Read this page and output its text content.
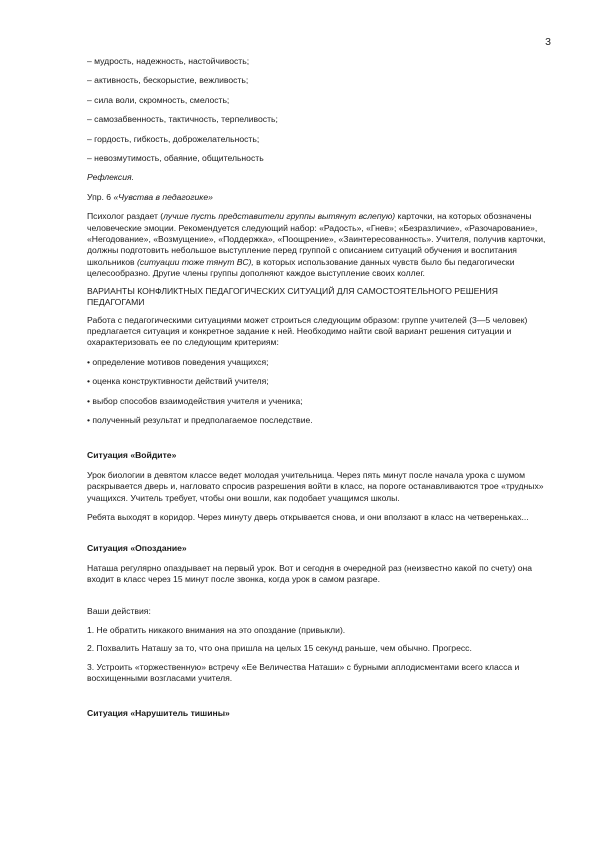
3

– мудрость, надежность, настойчивость;

– активность, бескорыстие, вежливость;

– сила воли, скромность, смелость;

– самозабвенность, тактичность, терпеливость;

– гордость, гибкость, доброжелательность;

– невозмутимость, обаяние, общительность

Рефлексия.

Упр. 6 «Чувства в педагогике»

Психолог раздает (лучше пусть представители группы вытянут вслепую) карточки, на которых обозначены человеческие эмоции. Рекомендуется следующий набор: «Радость», «Гнев»; «Безразличие», «Разочарование», «Негодование», «Возмущение», «Поддержка», «Поощрение», «Заинтересованность». Учителя, получив карточки, должны подготовить небольшое выступление перед группой с описанием ситуаций обучения и воспитания школьников (ситуации тоже тянут ВС), в которых использование данных чувств было бы педагогически целесообразно. Другие члены группы дополняют каждое выступление своих коллег.

ВАРИАНТЫ КОНФЛИКТНЫХ ПЕДАГОГИЧЕСКИХ СИТУАЦИЙ ДЛЯ САМОСТОЯТЕЛЬНОГО РЕШЕНИЯ ПЕДАГОГАМИ

Работа с педагогическими ситуациями может строиться следующим образом: группе учителей (3—5 человек) предлагается ситуация и конкретное задание к ней. Необходимо найти свой вариант решения ситуации и охарактеризовать ее по следующим критериям:

• определение мотивов поведения учащихся;

• оценка конструктивности действий учителя;

• выбор способов взаимодействия учителя и ученика;

• полученный результат и предполагаемое последствие.

Ситуация «Войдите»

Урок биологии в девятом классе ведет молодая учительница. Через пять минут после начала урока с шумом раскрывается дверь и, нагловато спросив разрешения войти в класс, на пороге останавливаются трое «трудных» учащихся. Учитель требует, чтобы они вошли, как подобает учащимся школы.

Ребята выходят в коридор. Через минуту дверь открывается снова, и они вползают в класс на четвереньках...

Ситуация «Опоздание»

Наташа регулярно опаздывает на первый урок. Вот и сегодня в очередной раз (неизвестно какой по счету) она входит в класс через 15 минут после звонка, когда урок в самом разгаре.

Ваши действия:

1. Не обратить никакого внимания на это опоздание (привыкли).

2. Похвалить Наташу за то, что она пришла на целых 15 секунд раньше, чем обычно. Прогресс.

3. Устроить «торжественную» встречу «Ее Величества Наташи» с бурными аплодисментами всего класса и восхищенными возгласами учителя.

Ситуация «Нарушитель тишины»
